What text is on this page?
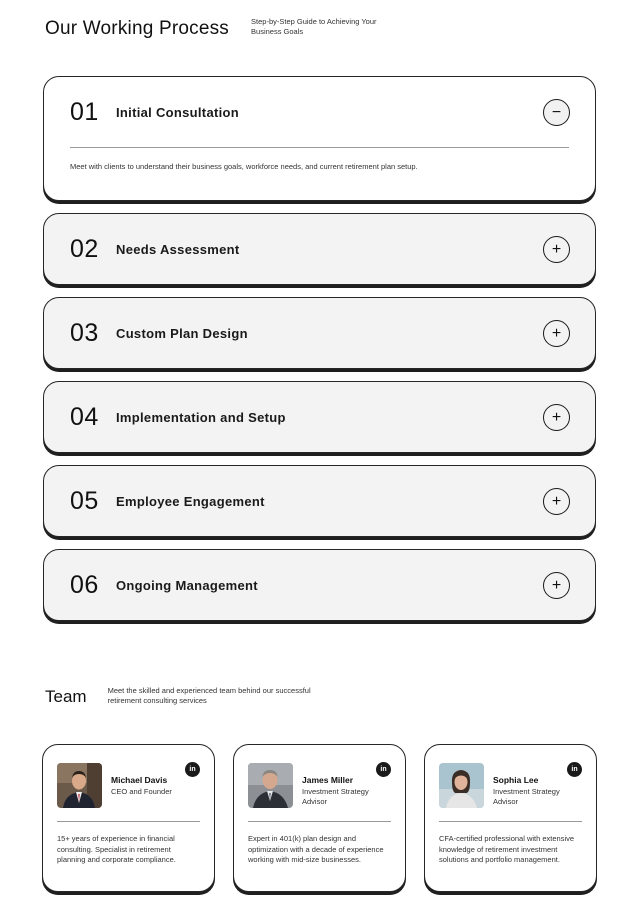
Our Working Process	Step-by-Step Guide to Achieving Your Business Goals
01	Initial Consultation	−
Meet with clients to understand their business goals, workforce needs, and current retirement plan setup.
02	Needs Assessment	+
03	Custom Plan Design	+
04	Implementation and Setup	+
05	Employee Engagement	+
06	Ongoing Management	+
Team	Meet the skilled and experienced team behind our successful retirement consulting services
Michael Davis
CEO and Founder
in
15+ years of experience in financial consulting. Specialist in retirement planning and corporate compliance.
James Miller
Investment Strategy Advisor
in
Expert in 401(k) plan design and optimization with a decade of experience working with mid-size businesses.
Sophia Lee
Investment Strategy Advisor
in
CFA-certified professional with extensive knowledge of retirement investment solutions and portfolio management.
